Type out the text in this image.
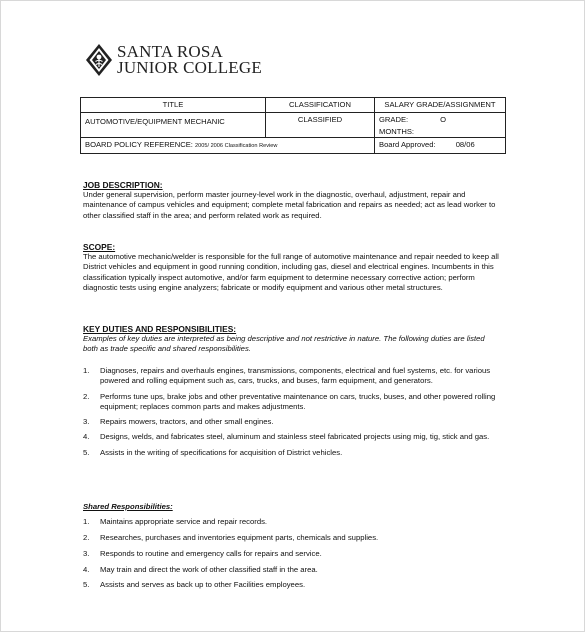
SANTA ROSA
JUNIOR COLLEGE
TITLE	CLASSIFICATION	SALARY GRADE/ASSIGNMENT

AUTOMOTIVE/EQUIPMENT MECHANIC	CLASSIFIED	GRADE: O
MONTHS:

BOARD POLICY REFERENCE: 2005/ 2006 Classification Review		Board Approved: 08/06
JOB DESCRIPTION:

Under general supervision, perform master journey-level work in the diagnostic, overhaul, adjustment, repair and maintenance of campus vehicles and equipment; complete metal fabrication and repairs as needed; act as lead worker to other classified staff in the area; and perform related work as required.

SCOPE:

The automotive mechanic/welder is responsible for the full range of automotive maintenance and repair needed to keep all District vehicles and equipment in good running condition, including gas, diesel and electrical engines. Incumbents in this classification typically inspect automotive, and/or farm equipment to determine necessary corrective action; perform diagnostic tests using engine analyzers; fabricate or modify equipment and various other metal structures.

KEY DUTIES AND RESPONSIBILITIES:

Examples of key duties are interpreted as being descriptive and not restrictive in nature. The following duties are listed both as trade specific and shared responsibilities.

1. Diagnoses, repairs and overhauls engines, transmissions, components, electrical and fuel systems, etc. for various powered and rolling equipment such as, cars, trucks, and buses, farm equipment, and generators.
2. Performs tune ups, brake jobs and other preventative maintenance on cars, trucks, buses, and other powered rolling equipment; replaces common parts and makes adjustments.
3. Repairs mowers, tractors, and other small engines.
4. Designs, welds, and fabricates steel, aluminum and stainless steel fabricated projects using mig, tig, stick and gas.
5. Assists in the writing of specifications for acquisition of District vehicles.
Shared Responsibilities:
1. Maintains appropriate service and repair records.
2. Researches, purchases and inventories equipment parts, chemicals and supplies.
3. Responds to routine and emergency calls for repairs and service.
4. May train and direct the work of other classified staff in the area.
5. Assists and serves as back up to other Facilities employees.
